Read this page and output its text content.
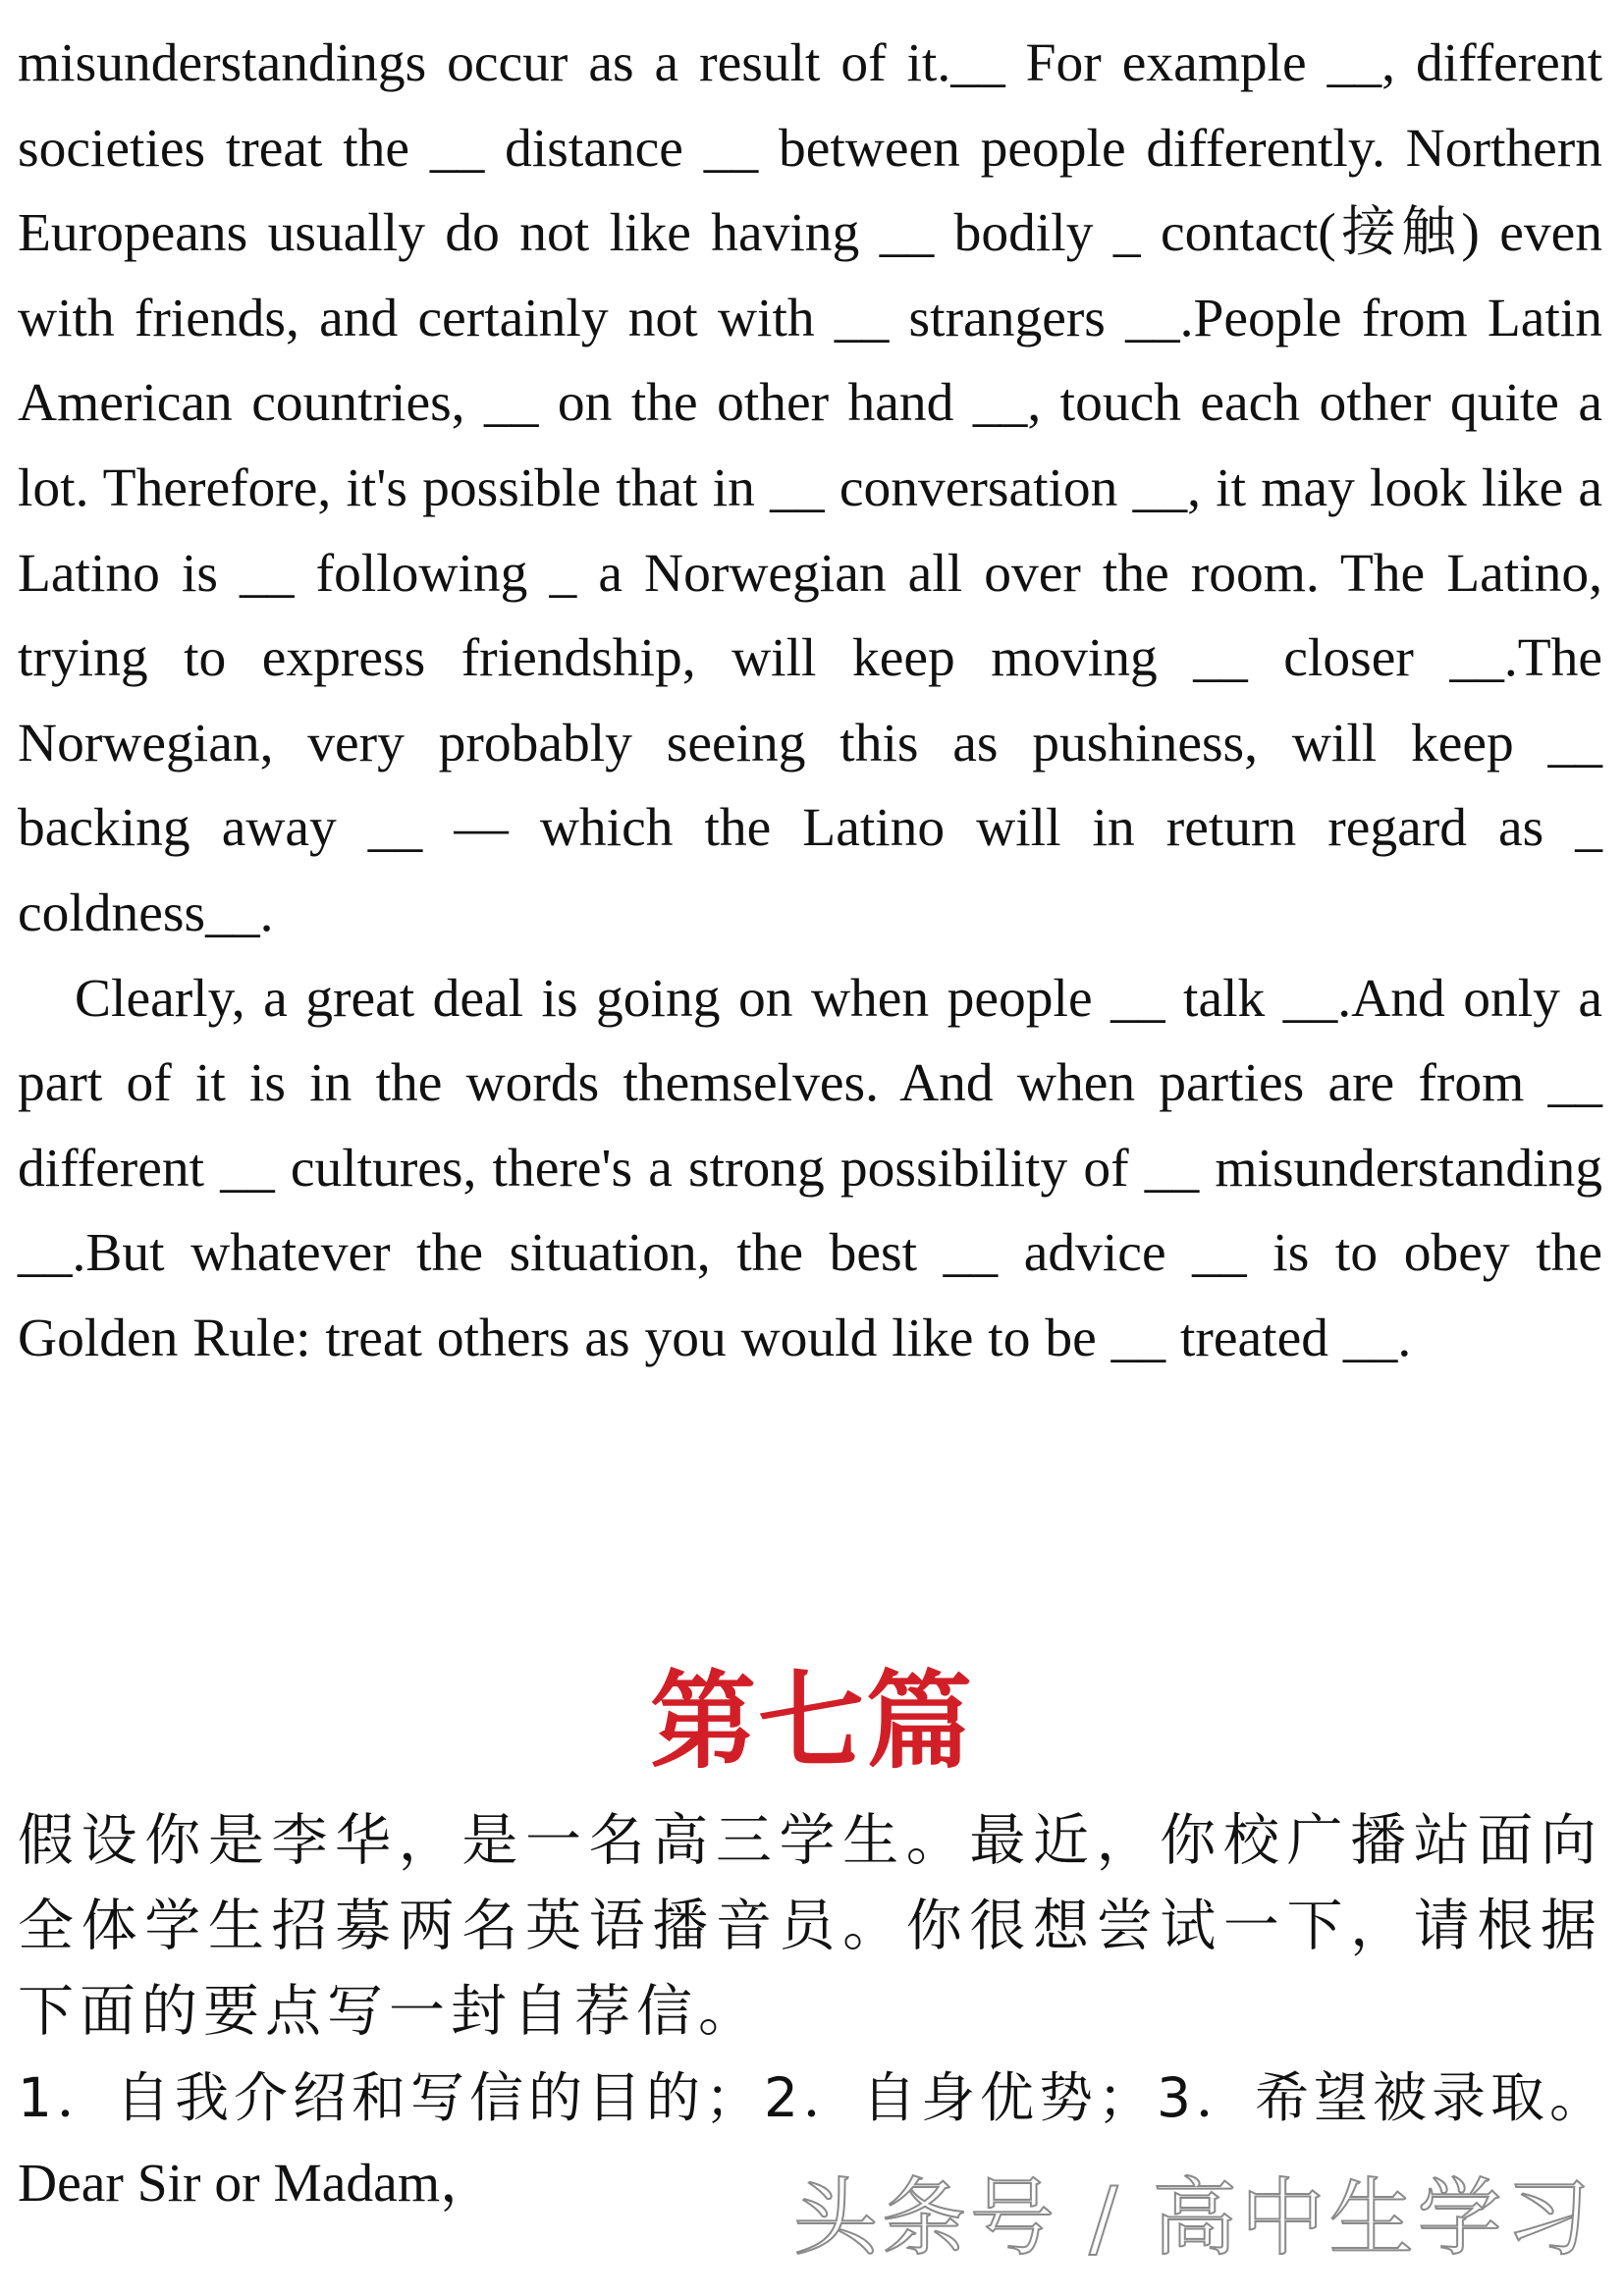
misunderstandings occur as a result of it.__ For example __, different societies treat the __ distance __ between people differently. Northern Europeans usually do not like having __ bodily _ contact(接触) even with friends, and certainly not with __ strangers __.People from Latin American countries, __ on the other hand __, touch each other quite a lot. Therefore, it's possible that in __ conversation __, it may look like a Latino is __ following _ a Norwegian all over the room. The Latino, trying to express friendship, will keep moving __ closer __.The Norwegian, very probably seeing this as pushiness, will keep __ backing away __ — which the Latino will in return regard as _ coldness__.

Clearly, a great deal is going on when people __ talk __.And only a part of it is in the words themselves. And when parties are from __ different __ cultures, there's a strong possibility of __ misunderstanding __.But whatever the situation, the best __ advice __ is to obey the Golden Rule: treat others as you would like to be __ treated __.

第七篇

假设你是李华，是一名高三学生。最近，你校广播站面向全体学生招募两名英语播音员。你很想尝试一下，请根据下面的要点写一封自荐信。

1．自我介绍和写信的目的；2．自身优势；3．希望被录取。

Dear Sir or Madam，	头条号 / 高中生学习
